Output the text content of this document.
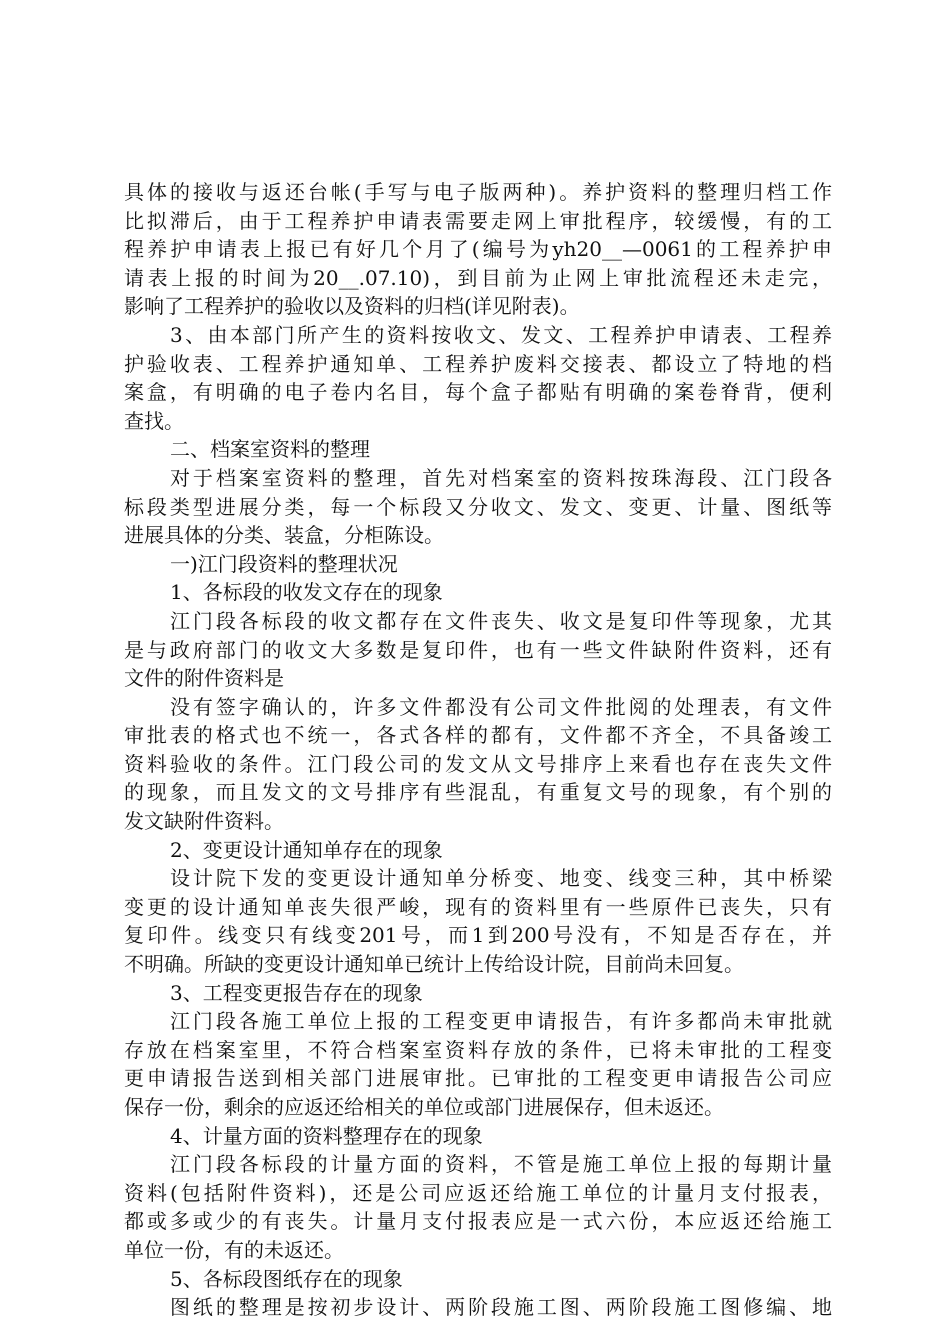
具体的接收与返还台帐(手写与电子版两种)。养护资料的整理归档工作
比拟滞后，由于工程养护申请表需要走网上审批程序，较缓慢，有的工
程养护申请表上报已有好几个月了(编号为yh20__—0061的工程养护申
请表上报的时间为20__.07.10)，到目前为止网上审批流程还未走完，
影响了工程养护的验收以及资料的归档(详见附表)。
3、由本部门所产生的资料按收文、发文、工程养护申请表、工程养
护验收表、工程养护通知单、工程养护废料交接表、都设立了特地的档
案盒，有明确的电子卷内名目，每个盒子都贴有明确的案卷脊背，便利
查找。
二、档案室资料的整理
对于档案室资料的整理，首先对档案室的资料按珠海段、江门段各
标段类型进展分类，每一个标段又分收文、发文、变更、计量、图纸等
进展具体的分类、装盒，分柜陈设。
一)江门段资料的整理状况
1、各标段的收发文存在的现象
江门段各标段的收文都存在文件丧失、收文是复印件等现象，尤其
是与政府部门的收文大多数是复印件，也有一些文件缺附件资料，还有
文件的附件资料是
没有签字确认的，许多文件都没有公司文件批阅的处理表，有文件
审批表的格式也不统一，各式各样的都有，文件都不齐全，不具备竣工
资料验收的条件。江门段公司的发文从文号排序上来看也存在丧失文件
的现象，而且发文的文号排序有些混乱，有重复文号的现象，有个别的
发文缺附件资料。
2、变更设计通知单存在的现象
设计院下发的变更设计通知单分桥变、地变、线变三种，其中桥梁
变更的设计通知单丧失很严峻，现有的资料里有一些原件已丧失，只有
复印件。线变只有线变201号，而1到200号没有，不知是否存在，并
不明确。所缺的变更设计通知单已统计上传给设计院，目前尚未回复。
3、工程变更报告存在的现象
江门段各施工单位上报的工程变更申请报告，有许多都尚未审批就
存放在档案室里，不符合档案室资料存放的条件，已将未审批的工程变
更申请报告送到相关部门进展审批。已审批的工程变更申请报告公司应
保存一份，剩余的应返还给相关的单位或部门进展保存，但未返还。
4、计量方面的资料整理存在的现象
江门段各标段的计量方面的资料，不管是施工单位上报的每期计量
资料(包括附件资料)，还是公司应返还给施工单位的计量月支付报表，
都或多或少的有丧失。计量月支付报表应是一式六份，本应返还给施工
单位一份，有的未返还。
5、各标段图纸存在的现象
图纸的整理是按初步设计、两阶段施工图、两阶段施工图修编、地
